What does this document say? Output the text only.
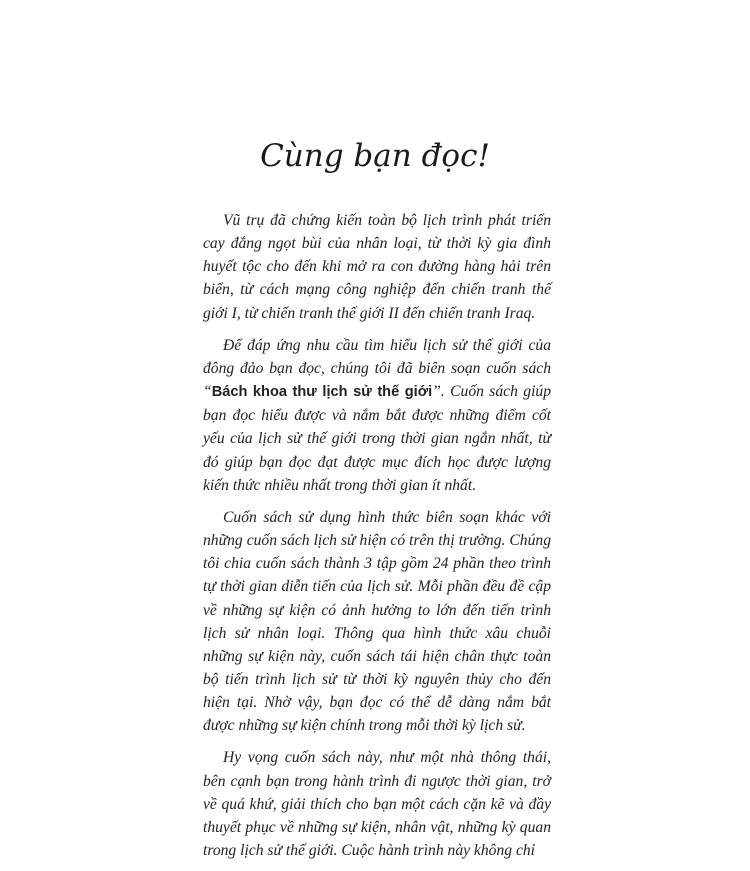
Cùng bạn đọc!

Vũ trụ đã chứng kiến toàn bộ lịch trình phát triển cay đắng ngọt bùi của nhân loại, từ thời kỳ gia đình huyết tộc cho đến khi mở ra con đường hàng hải trên biển, từ cách mạng công nghiệp đến chiến tranh thế giới I, từ chiến tranh thế giới II đến chiến tranh Iraq.

Để đáp ứng nhu cầu tìm hiểu lịch sử thế giới của đông đảo bạn đọc, chúng tôi đã biên soạn cuốn sách “Bách khoa thư lịch sử thế giới”. Cuốn sách giúp bạn đọc hiểu được và nắm bắt được những điểm cốt yếu của lịch sử thế giới trong thời gian ngắn nhất, từ đó giúp bạn đọc đạt được mục đích học được lượng kiến thức nhiều nhất trong thời gian ít nhất.

Cuốn sách sử dụng hình thức biên soạn khác với những cuốn sách lịch sử hiện có trên thị trường. Chúng tôi chia cuốn sách thành 3 tập gồm 24 phần theo trình tự thời gian diễn tiến của lịch sử. Mỗi phần đều đề cập về những sự kiện có ảnh hưởng to lớn đến tiến trình lịch sử nhân loại. Thông qua hình thức xâu chuỗi những sự kiện này, cuốn sách tái hiện chân thực toàn bộ tiến trình lịch sử từ thời kỳ nguyên thủy cho đến hiện tại. Nhờ vậy, bạn đọc có thể dễ dàng nắm bắt được những sự kiện chính trong mỗi thời kỳ lịch sử.

Hy vọng cuốn sách này, như một nhà thông thái, bên cạnh bạn trong hành trình đi ngược thời gian, trở về quá khứ, giải thích cho bạn một cách cặn kẽ và đầy thuyết phục về những sự kiện, nhân vật, những kỳ quan trong lịch sử thế giới. Cuộc hành trình này không chỉ
